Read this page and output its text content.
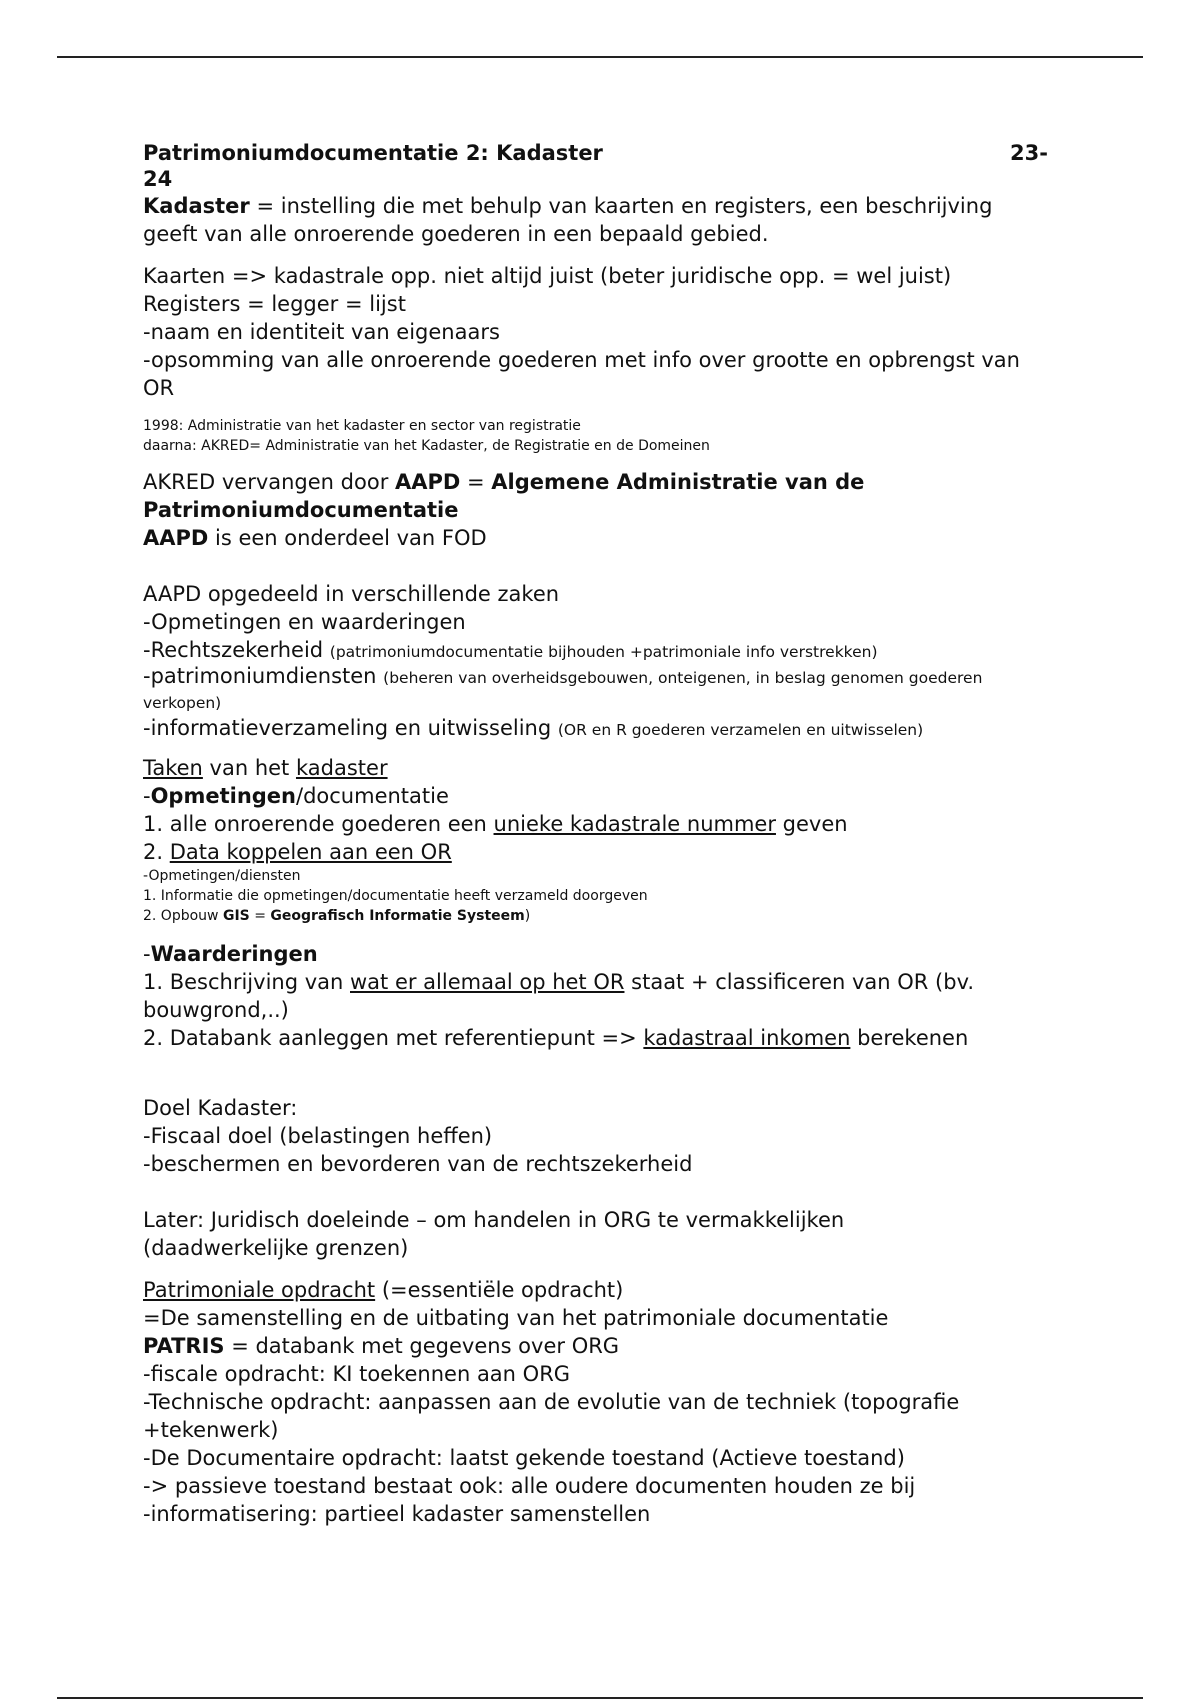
Patrimoniumdocumentatie 2: Kadaster	23-

24

Kadaster = instelling die met behulp van kaarten en registers, een beschrijving geeft van alle onroerende goederen in een bepaald gebied.

Kaarten => kadastrale opp. niet altijd juist (beter juridische opp. = wel juist)

Registers = legger = lijst

-naam en identiteit van eigenaars

-opsomming van alle onroerende goederen met info over grootte en opbrengst van OR

1998: Administratie van het kadaster en sector van registratie

daarna: AKRED= Administratie van het Kadaster, de Registratie en de Domeinen

AKRED vervangen door AAPD = Algemene Administratie van de Patrimoniumdocumentatie

AAPD is een onderdeel van FOD

AAPD opgedeeld in verschillende zaken

-Opmetingen en waarderingen

-Rechtszekerheid (patrimoniumdocumentatie bijhouden +patrimoniale info verstrekken)

-patrimoniumdiensten (beheren van overheidsgebouwen, onteigenen, in beslag genomen goederen verkopen)

-informatieverzameling en uitwisseling (OR en R goederen verzamelen en uitwisselen)

Taken van het kadaster

-Opmetingen/documentatie

1. alle onroerende goederen een unieke kadastrale nummer geven

2. Data koppelen aan een OR

-Opmetingen/diensten

1. Informatie die opmetingen/documentatie heeft verzameld doorgeven

2. Opbouw GIS = Geografisch Informatie Systeem)

-Waarderingen

1. Beschrijving van wat er allemaal op het OR staat + classificeren van OR (bv. bouwgrond,..)

2. Databank aanleggen met referentiepunt => kadastraal inkomen berekenen

Doel Kadaster:

-Fiscaal doel (belastingen heffen)

-beschermen en bevorderen van de rechtszekerheid

Later: Juridisch doeleinde – om handelen in ORG te vermakkelijken (daadwerkelijke grenzen)

Patrimoniale opdracht (=essentiële opdracht)

=De samenstelling en de uitbating van het patrimoniale documentatie

PATRIS = databank met gegevens over ORG

-fiscale opdracht: KI toekennen aan ORG

-Technische opdracht: aanpassen aan de evolutie van de techniek (topografie +tekenwerk)

-De Documentaire opdracht: laatst gekende toestand (Actieve toestand)

-> passieve toestand bestaat ook: alle oudere documenten houden ze bij

-informatisering: partieel kadaster samenstellen
